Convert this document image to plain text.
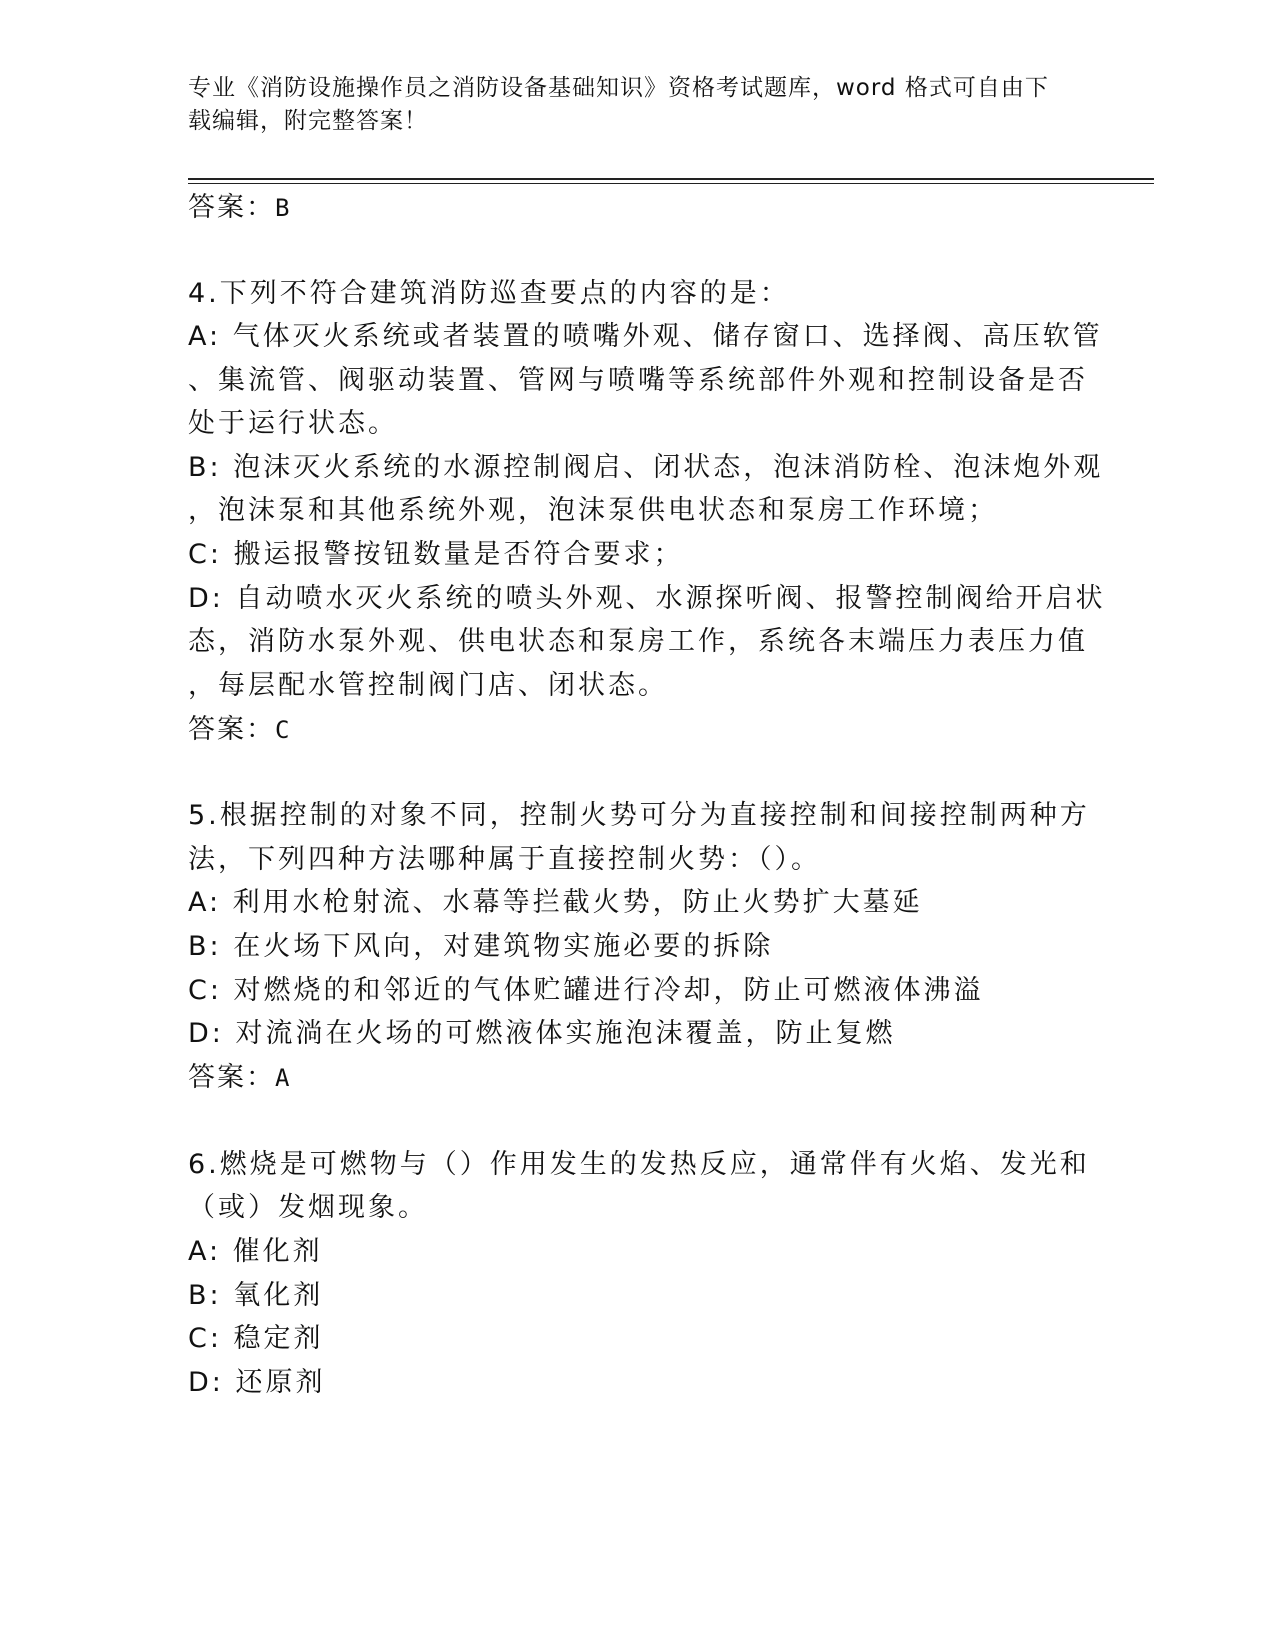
专业《消防设施操作员之消防设备基础知识》资格考试题库，word 格式可自由下
载编辑，附完整答案！
答案：B
4.下列不符合建筑消防巡查要点的内容的是：
A: 气体灭火系统或者装置的喷嘴外观、储存窗口、选择阀、高压软管
、集流管、阀驱动装置、管网与喷嘴等系统部件外观和控制设备是否
处于运行状态。
B: 泡沫灭火系统的水源控制阀启、闭状态，泡沫消防栓、泡沫炮外观
，泡沫泵和其他系统外观，泡沫泵供电状态和泵房工作环境；
C: 搬运报警按钮数量是否符合要求；
D: 自动喷水灭火系统的喷头外观、水源探听阀、报警控制阀给开启状
态，消防水泵外观、供电状态和泵房工作，系统各末端压力表压力值
，每层配水管控制阀门店、闭状态。
答案：C
5.根据控制的对象不同，控制火势可分为直接控制和间接控制两种方
法，下列四种方法哪种属于直接控制火势：（）。
A: 利用水枪射流、水幕等拦截火势，防止火势扩大墓延
B: 在火场下风向，对建筑物实施必要的拆除
C: 对燃烧的和邻近的气体贮罐进行冷却，防止可燃液体沸溢
D: 对流淌在火场的可燃液体实施泡沫覆盖，防止复燃
答案：A
6.燃烧是可燃物与（）作用发生的发热反应，通常伴有火焰、发光和
（或）发烟现象。
A: 催化剂
B: 氧化剂
C: 稳定剂
D: 还原剂
